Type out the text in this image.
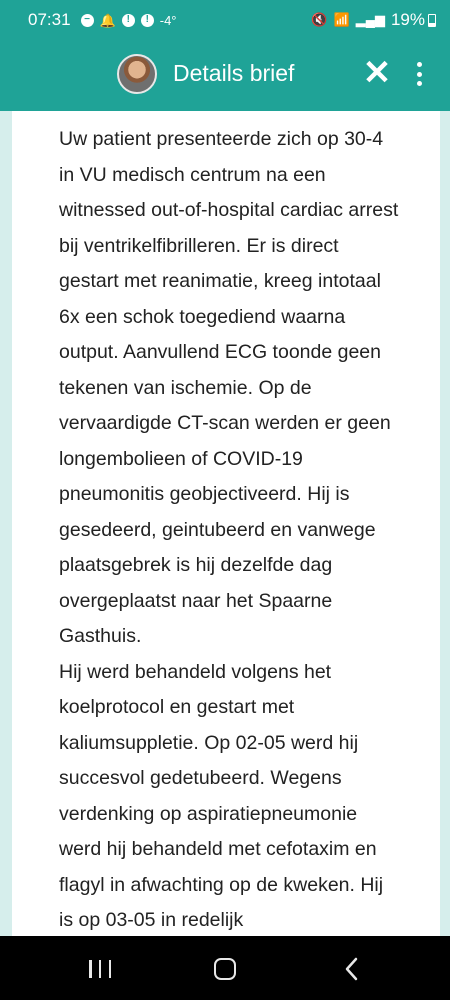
07:31	− 🔔	!	! -4°	🔇 📶 ▂▄▆ 19%
Details brief ✕

Uw patient presenteerde zich op 30-4 in VU medisch centrum na een witnessed out-of-hospital cardiac arrest bij ventrikelfibrilleren. Er is direct gestart met reanimatie, kreeg intotaal 6x een schok toegediend waarna output. Aanvullend ECG toonde geen tekenen van ischemie. Op de vervaardigde CT-scan werden er geen longembolieen of COVID-19 pneumonitis geobjectiveerd. Hij is gesedeerd, geintubeerd en vanwege plaatsgebrek is hij dezelfde dag overgeplaatst naar het Spaarne Gasthuis.

Hij werd behandeld volgens het koelprotocol en gestart met kaliumsuppletie. Op 02-05 werd hij succesvol gedetubeerd. Wegens verdenking op aspiratiepneumonie werd hij behandeld met cefotaxim en flagyl in afwachting op de kweken. Hij is op 03-05 in redelijk
